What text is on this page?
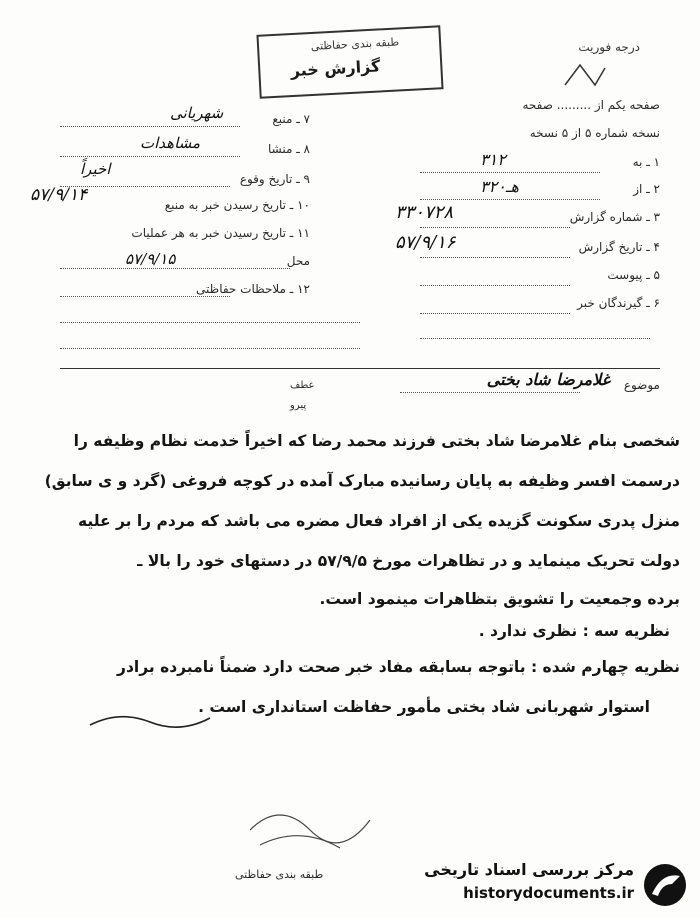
طبقه بندی حفاظتی
گزارش خبر
درجه فوریت
صفحه یکم از ......... صفحه
نسخه شماره ۵ از ۵ نسخه
۱ ـ به
۳۱۲
۲ ـ از
۳۲۰هـ
۳ ـ شماره گزارش
۳۳۰۷۲۸
۴ ـ تاریخ گزارش
۵۷/۹/۱۶
۵ ـ پیوست
۶ ـ گیرندگان خبر
۷ ـ منبع
شهریانی
۸ ـ منشا
مشاهدات
۹ ـ تاریخ وقوع
اخیراً
۱۰ ـ تاریخ رسیدن خبر به منبع
۵۷/۹/۱۴
۱۱ ـ تاریخ رسیدن خبر به هر عملیات
محل
۵۷/۹/۱۵
۱۲ ـ ملاحظات حفاظتی
موضوع
غلامرضا شاد بختی
عطف
پیرو
شخصی بنام غلامرضا شاد بختی فرزند محمد رضا که اخیراً خدمت نظام وظیفه را
درسمت افسر وظیفه به پایان رسانیده مبارک آمده در کوچه فروغی (گرد و ی سابق)
منزل پدری سکونت گزیده یکی از افراد فعال مضره می باشد که مردم را بر علیه
دولت تحریک مینماید و در تظاهرات مورخ ۵۷/۹/۵ در دستهای خود را بالا ـ
برده وجمعیت را تشویق بتظاهرات مینمود است.
نظریه سه : نظری ندارد .
نظریه چهارم شده : باتوجه بسابقه مفاد خبر صحت دارد ضمناً نامبرده برادر
استوار شهربانی شاد بختی مأمور حفاظت استانداری است .
طبقه بندی حفاظتی	مرکز بررسی اسناد تاریخی
historydocuments.ir
